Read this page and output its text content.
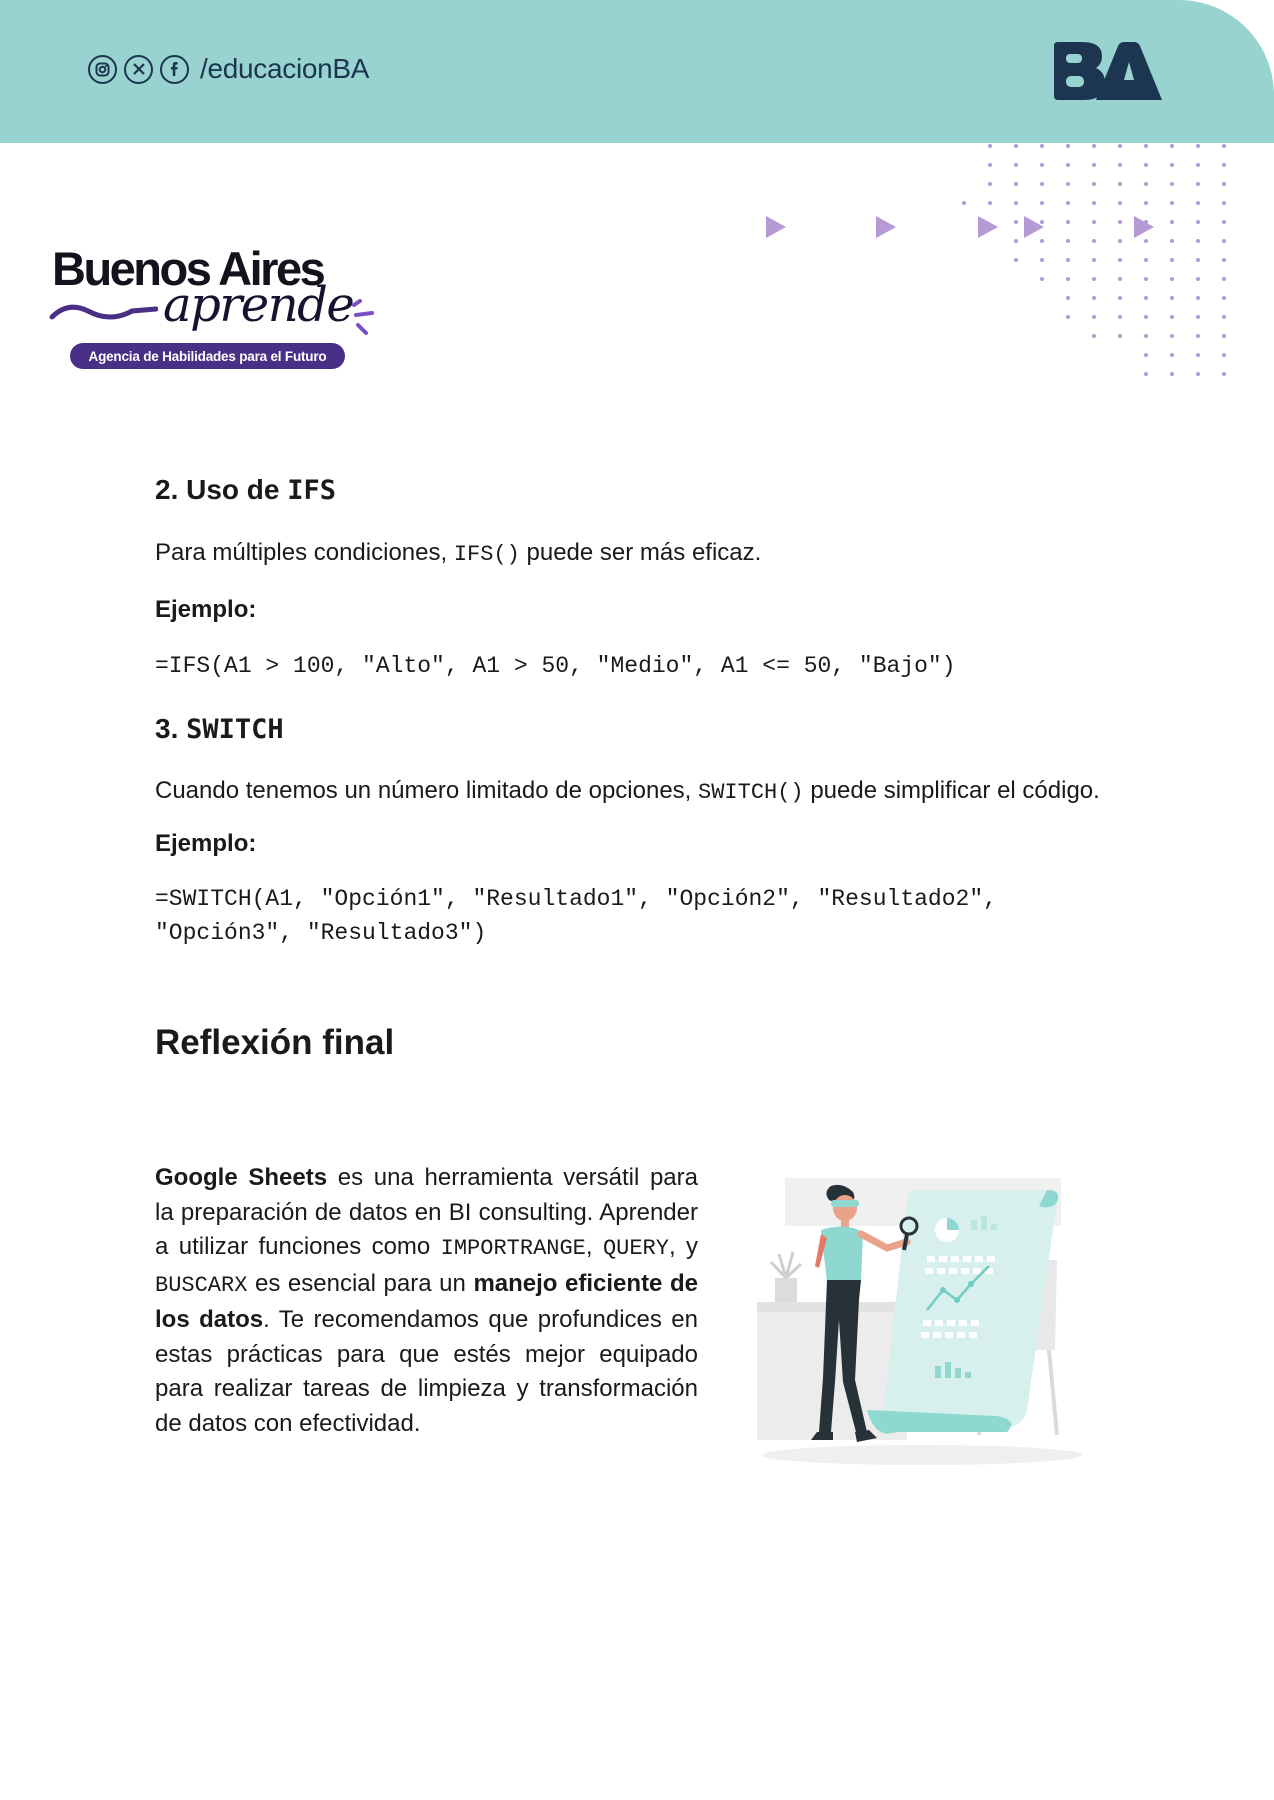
/educacionBA
Buenos Aires
aprende
Agencia de Habilidades para el Futuro
2. Uso de IFS

Para múltiples condiciones, IFS() puede ser más eficaz.

Ejemplo:

=IFS(A1 > 100, "Alto", A1 > 50, "Medio", A1 <= 50, "Bajo")

3. SWITCH

Cuando tenemos un número limitado de opciones, SWITCH() puede simplificar el código.

Ejemplo:

=SWITCH(A1, "Opción1", "Resultado1", "Opción2", "Resultado2",

"Opción3", "Resultado3")

Reflexión final
Google Sheets es una herramienta versátil para la preparación de datos en BI consulting. Aprender a utilizar funciones como IMPORTRANGE, QUERY, y BUSCARX es esencial para un manejo eficiente de los datos. Te recomendamos que profundices en estas prácticas para que estés mejor equipado para realizar tareas de limpieza y transformación de datos con efectividad.
